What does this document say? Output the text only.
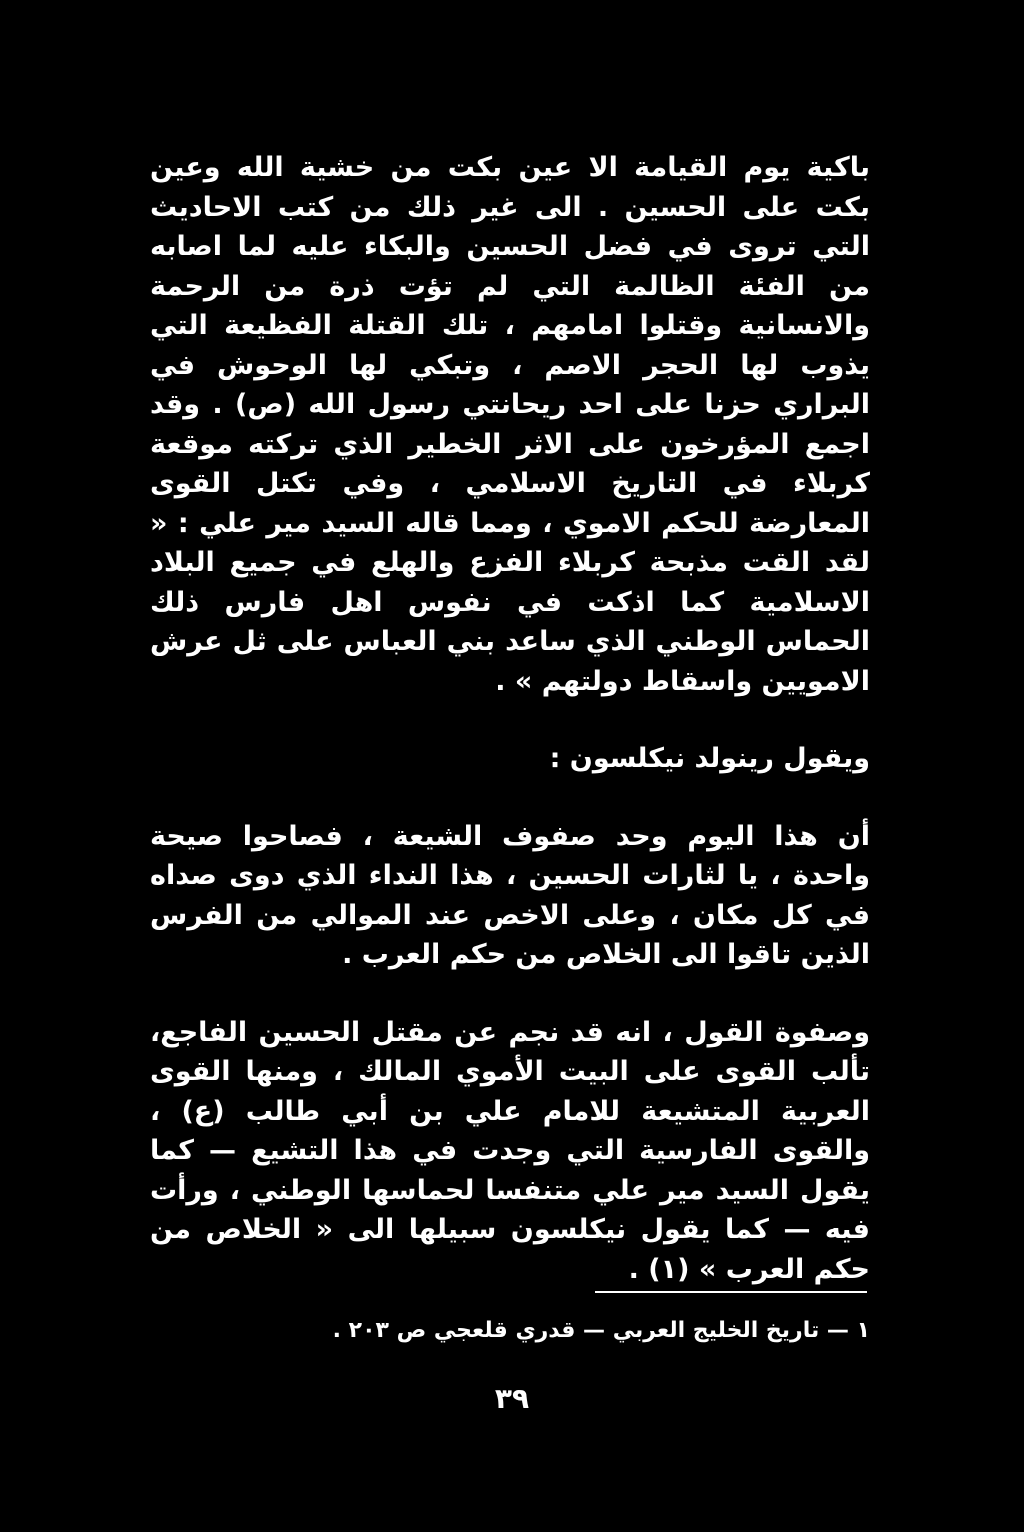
باكية يوم القيامة الا عين بكت من خشية الله وعين بكت على الحسين . الى غير ذلك من كتب الاحاديث التي تروى في فضل الحسين والبكاء عليه لما اصابه من الفئة الظالمة التي لم تؤت ذرة من الرحمة والانسانية وقتلوا امامهم ، تلك القتلة الفظيعة التي يذوب لها الحجر الاصم ، وتبكي لها الوحوش في البراري حزنا على احد ريحانتي رسول الله (ص) . وقد اجمع المؤرخون على الاثر الخطير الذي تركته موقعة كربلاء في التاريخ الاسلامي ، وفي تكتل القوى المعارضة للحكم الاموي ، ومما قاله السيد مير علي : « لقد القت مذبحة كربلاء الفزع والهلع في جميع البلاد الاسلامية كما اذكت في نفوس اهل فارس ذلك الحماس الوطني الذي ساعد بني العباس على ثل عرش الامويين واسقاط دولتهم » .

ويقول رينولد نيكلسون :

أن هذا اليوم وحد صفوف الشيعة ، فصاحوا صيحة واحدة ، يا لثارات الحسين ، هذا النداء الذي دوى صداه في كل مكان ، وعلى الاخص عند الموالي من الفرس الذين تاقوا الى الخلاص من حكم العرب .

وصفوة القول ، انه قد نجم عن مقتل الحسين الفاجع، تألب القوى على البيت الأموي المالك ، ومنها القوى العربية المتشيعة للامام علي بن أبي طالب (ع) ، والقوى الفارسية التي وجدت في هذا التشيع — كما يقول السيد مير علي متنفسا لحماسها الوطني ، ورأت فيه — كما يقول نيكلسون سبيلها الى « الخلاص من حكم العرب » (١) .

١ — تاريخ الخليج العربي — قدري قلعجي ص ٢٠٣ .
٣٩
